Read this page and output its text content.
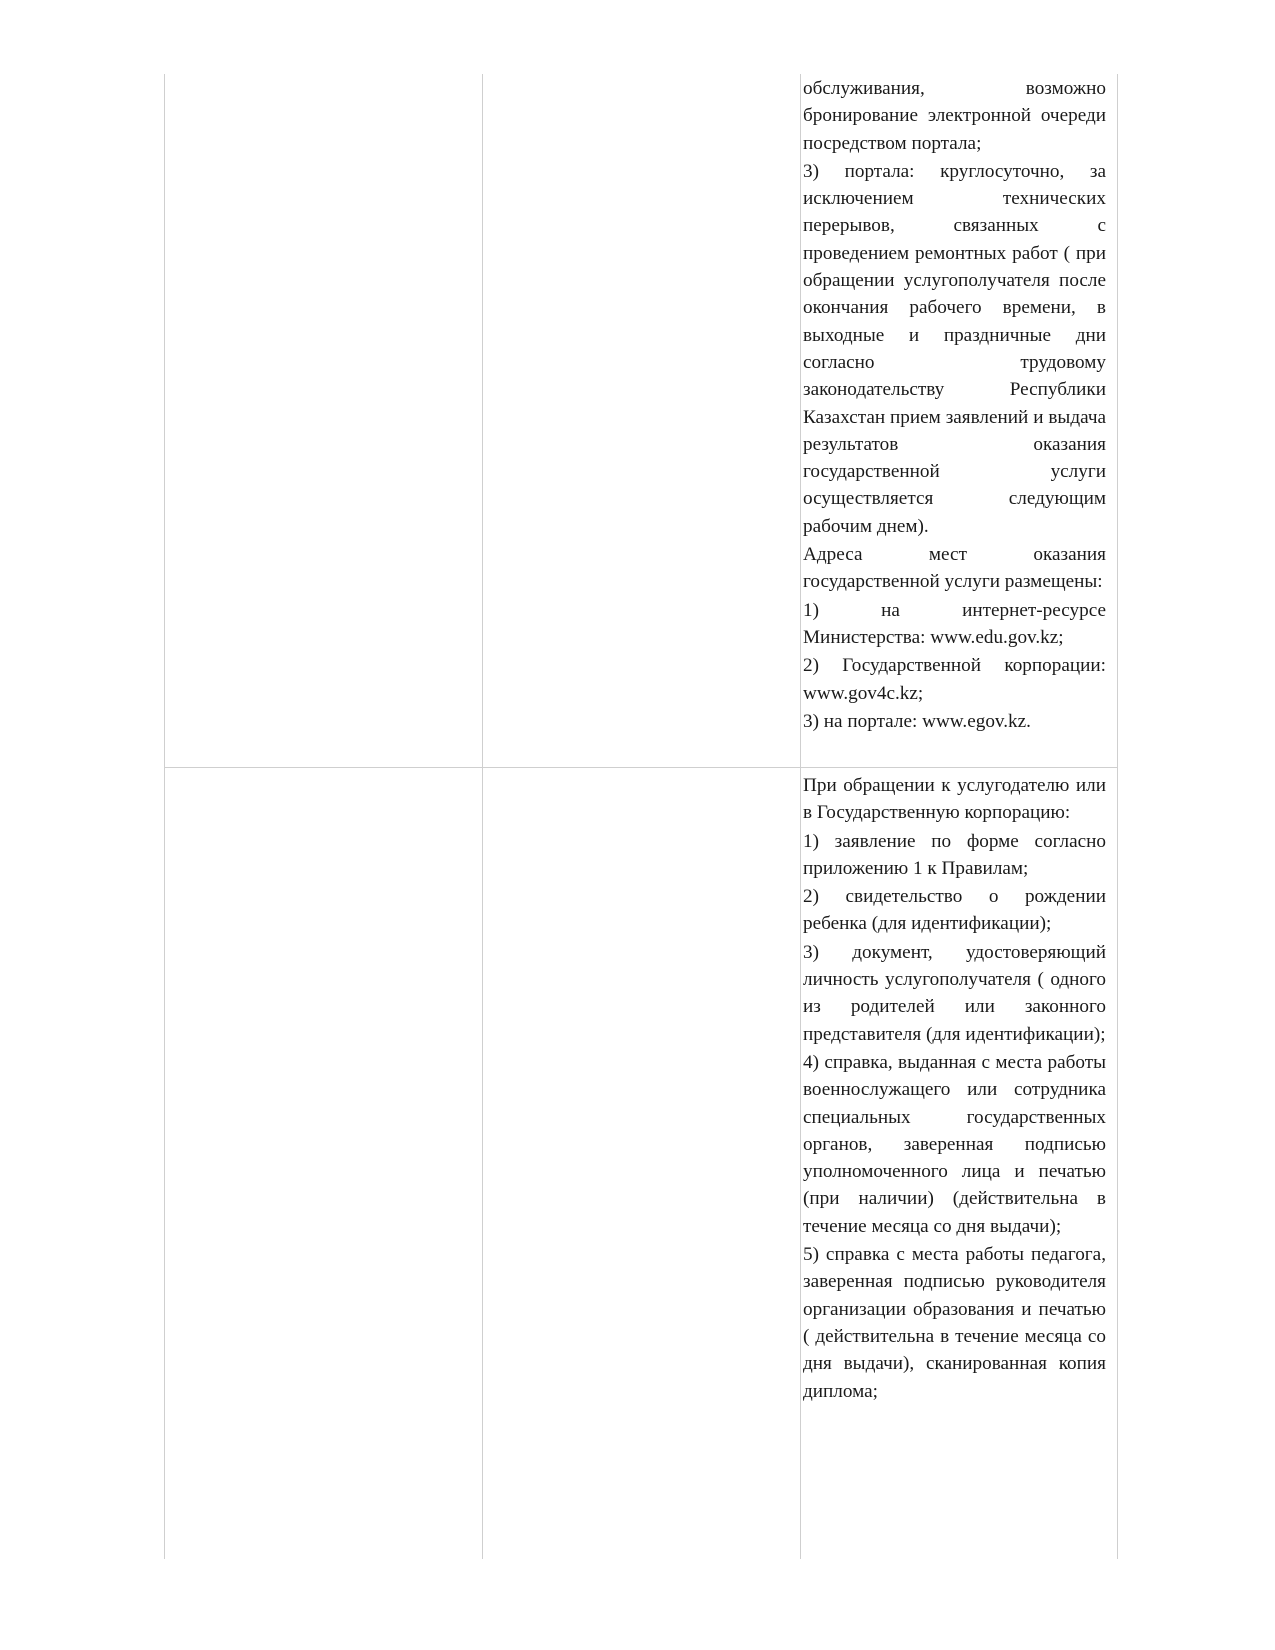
обслуживания, возможно бронирование электронной очереди посредством портала;

3) портала: круглосуточно, за исключением технических перерывов, связанных с проведением ремонтных работ ( при обращении услугополучателя после окончания рабочего времени, в выходные и праздничные дни согласно трудовому законодательству Республики Казахстан прием заявлений и выдача результатов оказания государственной услуги осуществляется следующим рабочим днем).

Адреса мест оказания государственной услуги размещены:

1) на интернет-ресурсе Министерства: www.edu.gov.kz;

2) Государственной корпорации: www.gov4c.kz;

3) на портале: www.egov.kz.

При обращении к услугодателю или в Государственную корпорацию:

1) заявление по форме согласно приложению 1 к Правилам;

2) свидетельство о рождении ребенка (для идентификации);

3) документ, удостоверяющий личность услугополучателя ( одного из родителей или законного представителя (для идентификации);

4) справка, выданная с места работы военнослужащего или сотрудника специальных государственных органов, заверенная подписью уполномоченного лица и печатью (при наличии) (действительна в течение месяца со дня выдачи);

5) справка с места работы педагога, заверенная подписью руководителя организации образования и печатью ( действительна в течение месяца со дня выдачи), сканированная копия диплома;
